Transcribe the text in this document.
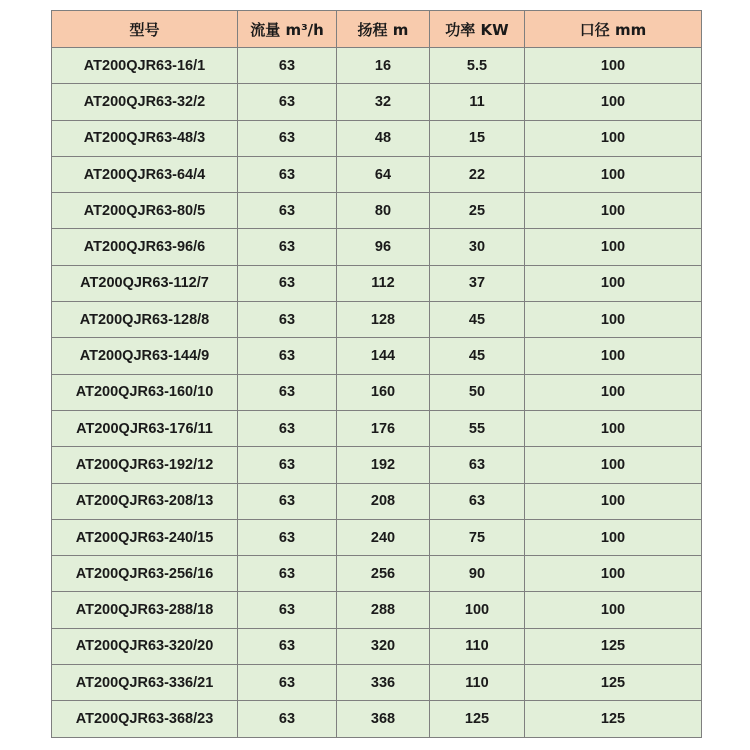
型号	流量 m³/h	扬程 m	功率 KW	口径 mm
AT200QJR63-16/1	63	16	5.5	100
AT200QJR63-32/2	63	32	11	100
AT200QJR63-48/3	63	48	15	100
AT200QJR63-64/4	63	64	22	100
AT200QJR63-80/5	63	80	25	100
AT200QJR63-96/6	63	96	30	100
AT200QJR63-112/7	63	112	37	100
AT200QJR63-128/8	63	128	45	100
AT200QJR63-144/9	63	144	45	100
AT200QJR63-160/10	63	160	50	100
AT200QJR63-176/11	63	176	55	100
AT200QJR63-192/12	63	192	63	100
AT200QJR63-208/13	63	208	63	100
AT200QJR63-240/15	63	240	75	100
AT200QJR63-256/16	63	256	90	100
AT200QJR63-288/18	63	288	100	100
AT200QJR63-320/20	63	320	110	125
AT200QJR63-336/21	63	336	110	125
AT200QJR63-368/23	63	368	125	125
